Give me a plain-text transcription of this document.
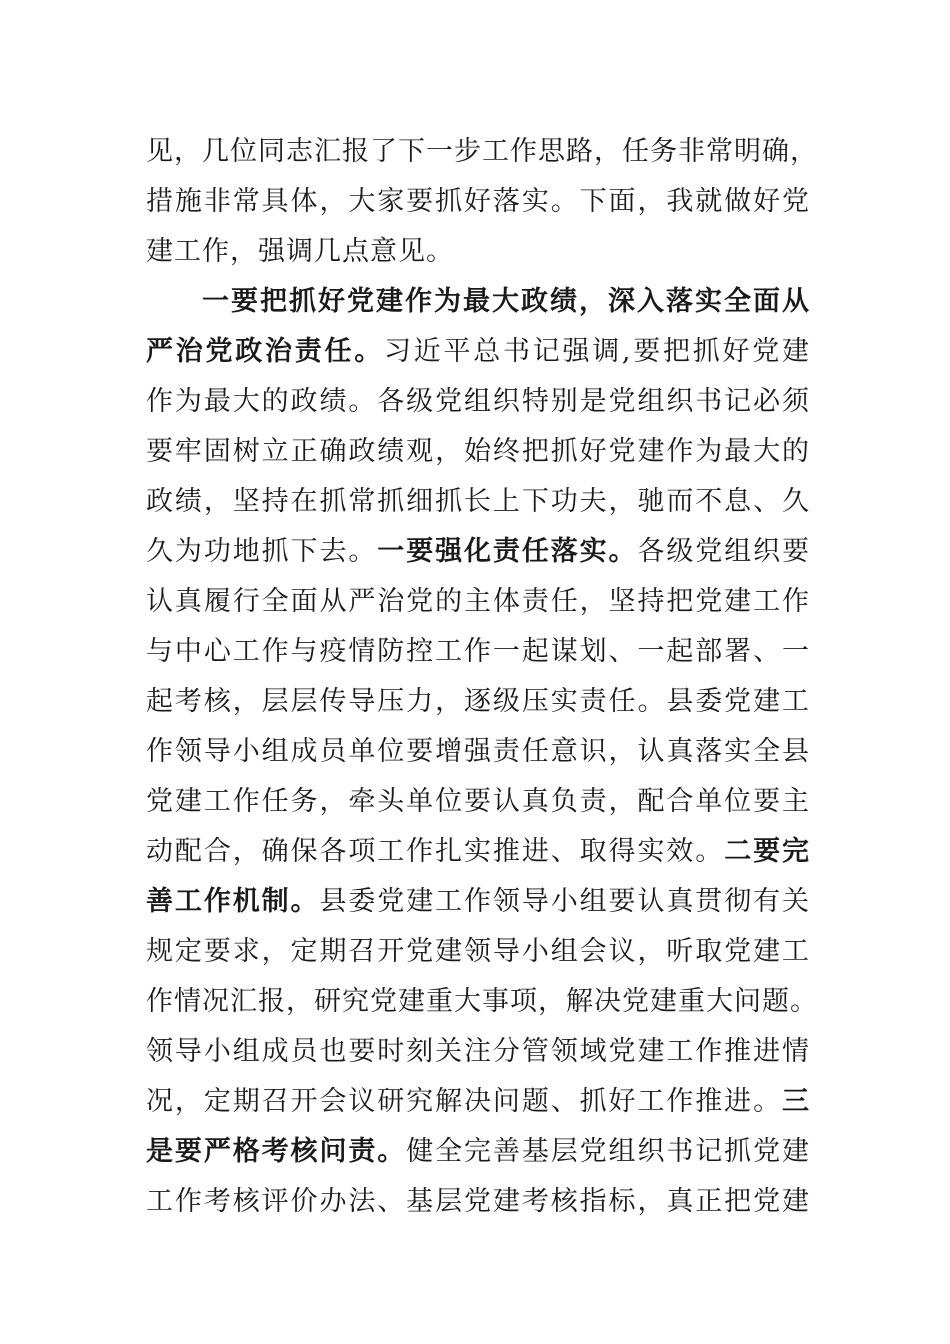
见，几位同志汇报了下一步工作思路，任务非常明确，
措施非常具体，大家要抓好落实。下面，我就做好党
建工作，强调几点意见。
一要把抓好党建作为最大政绩，深入落实全面从
严治党政治责任。习近平总书记强调,要把抓好党建
作为最大的政绩。各级党组织特别是党组织书记必须
要牢固树立正确政绩观，始终把抓好党建作为最大的
政绩，坚持在抓常抓细抓长上下功夫，驰而不息、久
久为功地抓下去。一要强化责任落实。各级党组织要
认真履行全面从严治党的主体责任，坚持把党建工作
与中心工作与疫情防控工作一起谋划、一起部署、一
起考核，层层传导压力，逐级压实责任。县委党建工
作领导小组成员单位要增强责任意识，认真落实全县
党建工作任务，牵头单位要认真负责，配合单位要主
动配合，确保各项工作扎实推进、取得实效。二要完
善工作机制。县委党建工作领导小组要认真贯彻有关
规定要求，定期召开党建领导小组会议，听取党建工
作情况汇报，研究党建重大事项，解决党建重大问题。
领导小组成员也要时刻关注分管领域党建工作推进情
况，定期召开会议研究解决问题、抓好工作推进。三
是要严格考核问责。健全完善基层党组织书记抓党建
工作考核评价办法、基层党建考核指标，真正把党建
